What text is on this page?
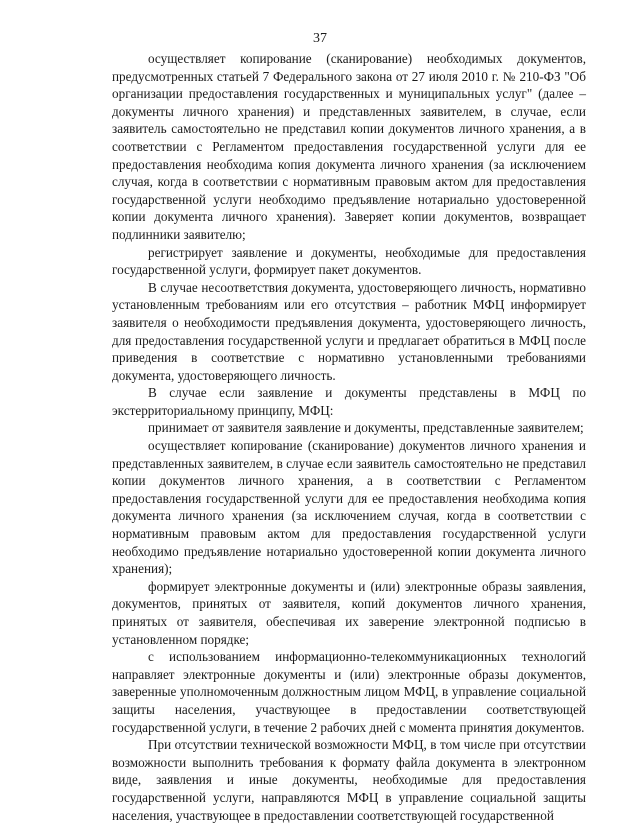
37

осуществляет копирование (сканирование) необходимых документов, предусмотренных статьей 7 Федерального закона от 27 июля 2010 г. № 210-ФЗ "Об организации предоставления государственных и муниципальных услуг" (далее – документы личного хранения) и представленных заявителем, в случае, если заявитель самостоятельно не представил копии документов личного хранения, а в соответствии с Регламентом предоставления государственной услуги для ее предоставления необходима копия документа личного хранения (за исключением случая, когда в соответствии с нормативным правовым актом для предоставления государственной услуги необходимо предъявление нотариально удостоверенной копии документа личного хранения). Заверяет копии документов, возвращает подлинники заявителю;

регистрирует заявление и документы, необходимые для предоставления государственной услуги, формирует пакет документов.

В случае несоответствия документа, удостоверяющего личность, нормативно установленным требованиям или его отсутствия – работник МФЦ информирует заявителя о необходимости предъявления документа, удостоверяющего личность, для предоставления государственной услуги и предлагает обратиться в МФЦ после приведения в соответствие с нормативно установленными требованиями документа, удостоверяющего личность.

В случае если заявление и документы представлены в МФЦ по экстерриториальному принципу, МФЦ:

принимает от заявителя заявление и документы, представленные заявителем;

осуществляет копирование (сканирование) документов личного хранения и представленных заявителем, в случае если заявитель самостоятельно не представил копии документов личного хранения, а в соответствии с Регламентом предоставления государственной услуги для ее предоставления необходима копия документа личного хранения (за исключением случая, когда в соответствии с нормативным правовым актом для предоставления государственной услуги необходимо предъявление нотариально удостоверенной копии документа личного хранения);

формирует электронные документы и (или) электронные образы заявления, документов, принятых от заявителя, копий документов личного хранения, принятых от заявителя, обеспечивая их заверение электронной подписью в установленном порядке;

с использованием информационно-телекоммуникационных технологий направляет электронные документы и (или) электронные образы документов, заверенные уполномоченным должностным лицом МФЦ, в управление социальной защиты населения, участвующее в предоставлении соответствующей государственной услуги, в течение 2 рабочих дней с момента принятия документов.

При отсутствии технической возможности МФЦ, в том числе при отсутствии возможности выполнить требования к формату файла документа в электронном виде, заявления и иные документы, необходимые для предоставления государственной услуги, направляются МФЦ в управление социальной защиты населения, участвующее в предоставлении соответствующей государственной
